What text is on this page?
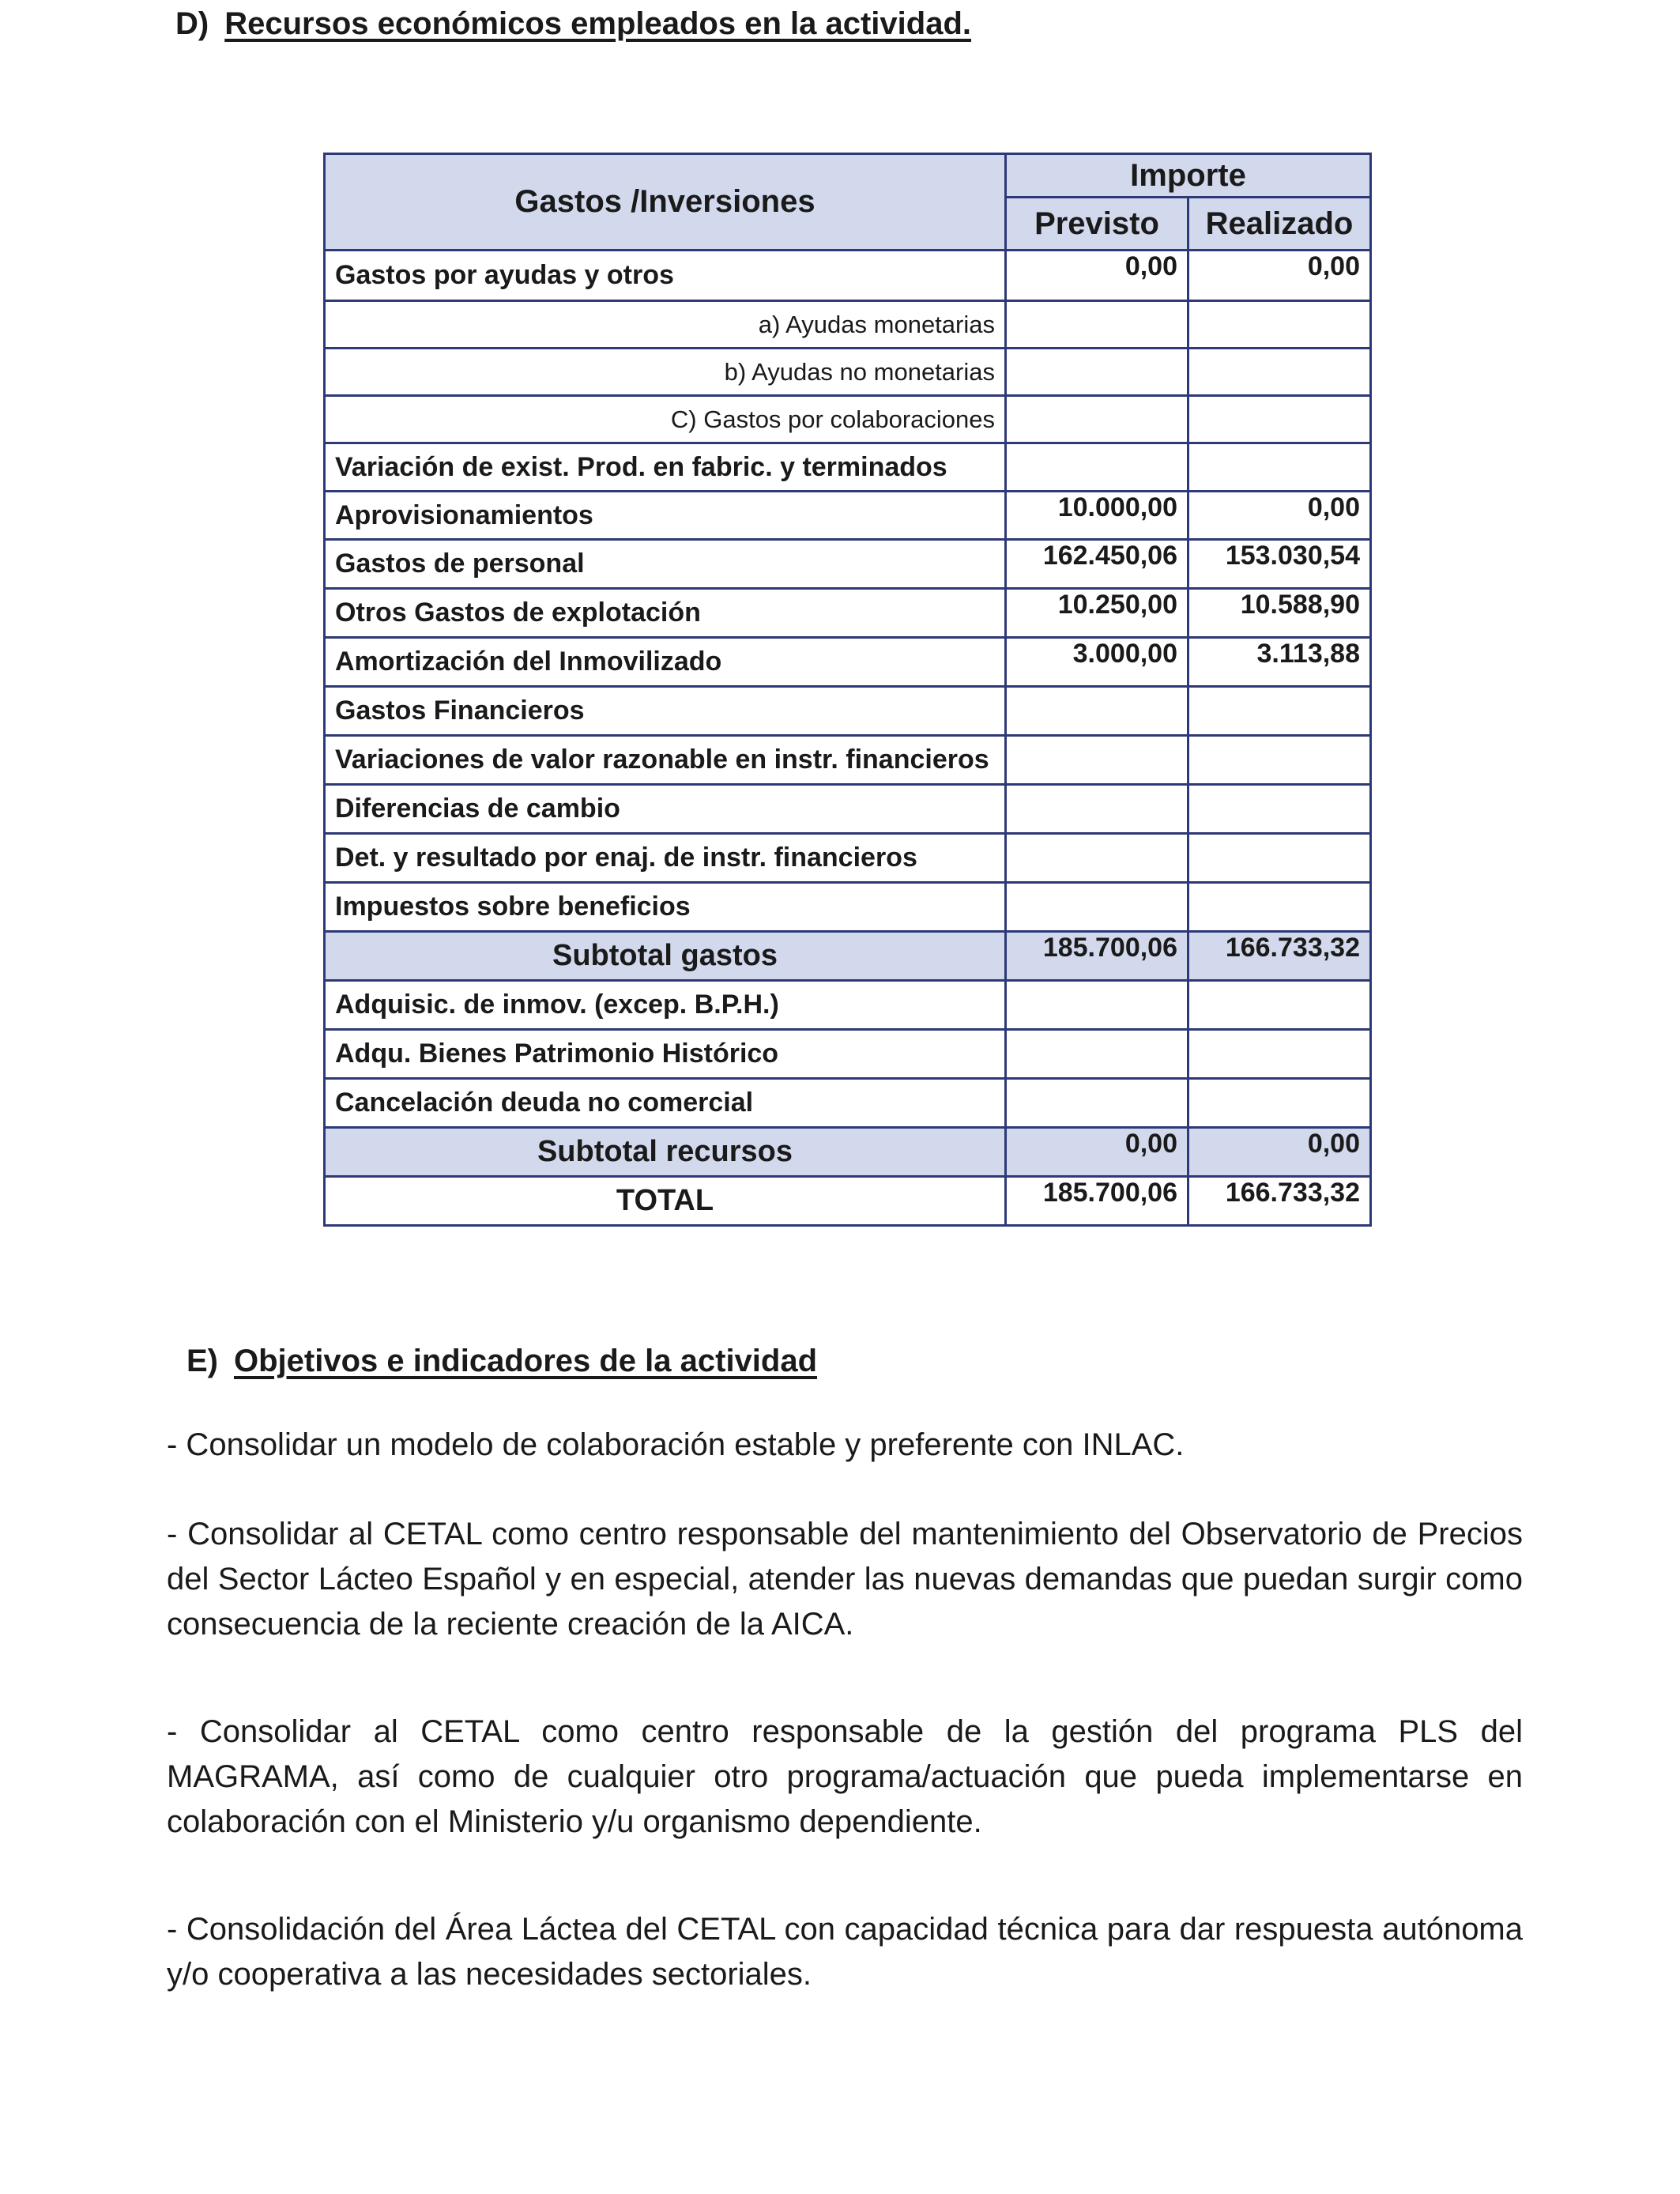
D) Recursos económicos empleados en la actividad.
Gastos /Inversiones	Importe	
	Previsto	Realizado
Gastos por ayudas y otros	0,00	0,00
a) Ayudas monetarias		
b) Ayudas no monetarias		
C) Gastos por colaboraciones		
Variación de exist. Prod. en fabric. y terminados		
Aprovisionamientos	10.000,00	0,00
Gastos de personal	162.450,06	153.030,54
Otros Gastos de explotación	10.250,00	10.588,90
Amortización del Inmovilizado	3.000,00	3.113,88
Gastos Financieros		
Variaciones de valor razonable en instr. financieros		
Diferencias de cambio		
Det. y resultado por enaj. de instr. financieros		
Impuestos sobre beneficios		
Subtotal gastos	185.700,06	166.733,32
Adquisic. de inmov. (excep. B.P.H.)		
Adqu. Bienes Patrimonio Histórico		
Cancelación deuda no comercial		
Subtotal recursos	0,00	0,00
TOTAL	185.700,06	166.733,32
E) Objetivos e indicadores de la actividad

- Consolidar un modelo de colaboración estable y preferente con INLAC.

- Consolidar al CETAL como centro responsable del mantenimiento del Observatorio de Precios del Sector Lácteo Español y en especial, atender las nuevas demandas que puedan surgir como consecuencia de la reciente creación de la AICA.

- Consolidar al CETAL como centro responsable de la gestión del programa PLS del MAGRAMA, así como de cualquier otro programa/actuación que pueda implementarse en colaboración con el Ministerio y/u organismo dependiente.

- Consolidación del Área Láctea del CETAL con capacidad técnica para dar respuesta autónoma y/o cooperativa a las necesidades sectoriales.
